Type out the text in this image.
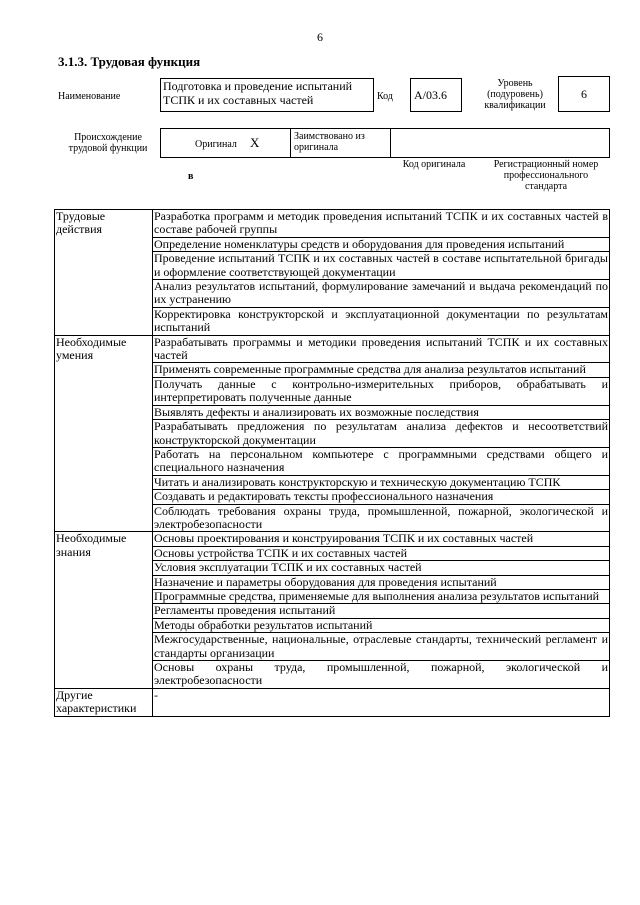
6
3.1.3. Трудовая функция
Наименование
Подготовка и проведение испытаний ТСПК и их составных частей	Код	А/03.6
Уровень (подуровень) квалификации
6
Происхождение трудовой функции	Оригинал X	Заимствовано из оригинала
Код оригинала	Регистрационный номер профессионального стандарта
в
Трудовые действия	Разработка программ и методик проведения испытаний ТСПК и их составных частей в составе рабочей группы
	Определение номенклатуры средств и оборудования для проведения испытаний
	Проведение испытаний ТСПК и их составных частей в составе испытательной бригады и оформление соответствующей документации
	Анализ результатов испытаний, формулирование замечаний и выдача рекомендаций по их устранению
	Корректировка конструкторской и эксплуатационной документации по результатам испытаний
Необходимые умения	Разрабатывать программы и методики проведения испытаний ТСПК и их составных частей
	Применять современные программные средства для анализа результатов испытаний
	Получать данные с контрольно-измерительных приборов, обрабатывать и интерпретировать полученные данные
	Выявлять дефекты и анализировать их возможные последствия
	Разрабатывать предложения по результатам анализа дефектов и несоответствий конструкторской документации
	Работать на персональном компьютере с программными средствами общего и специального назначения
	Читать и анализировать конструкторскую и техническую документацию ТСПК
	Создавать и редактировать тексты профессионального назначения
	Соблюдать требования охраны труда, промышленной, пожарной, экологической и электробезопасности
Необходимые знания	Основы проектирования и конструирования ТСПК и их составных частей
	Основы устройства ТСПК и их составных частей
	Условия эксплуатации ТСПК и их составных частей
	Назначение и параметры оборудования для проведения испытаний
	Программные средства, применяемые для выполнения анализа результатов испытаний
	Регламенты проведения испытаний
	Методы обработки результатов испытаний
	Межгосударственные, национальные, отраслевые стандарты, технический регламент и стандарты организации
	Основы охраны труда, промышленной, пожарной, экологической и электробезопасности
Другие характеристики	-
